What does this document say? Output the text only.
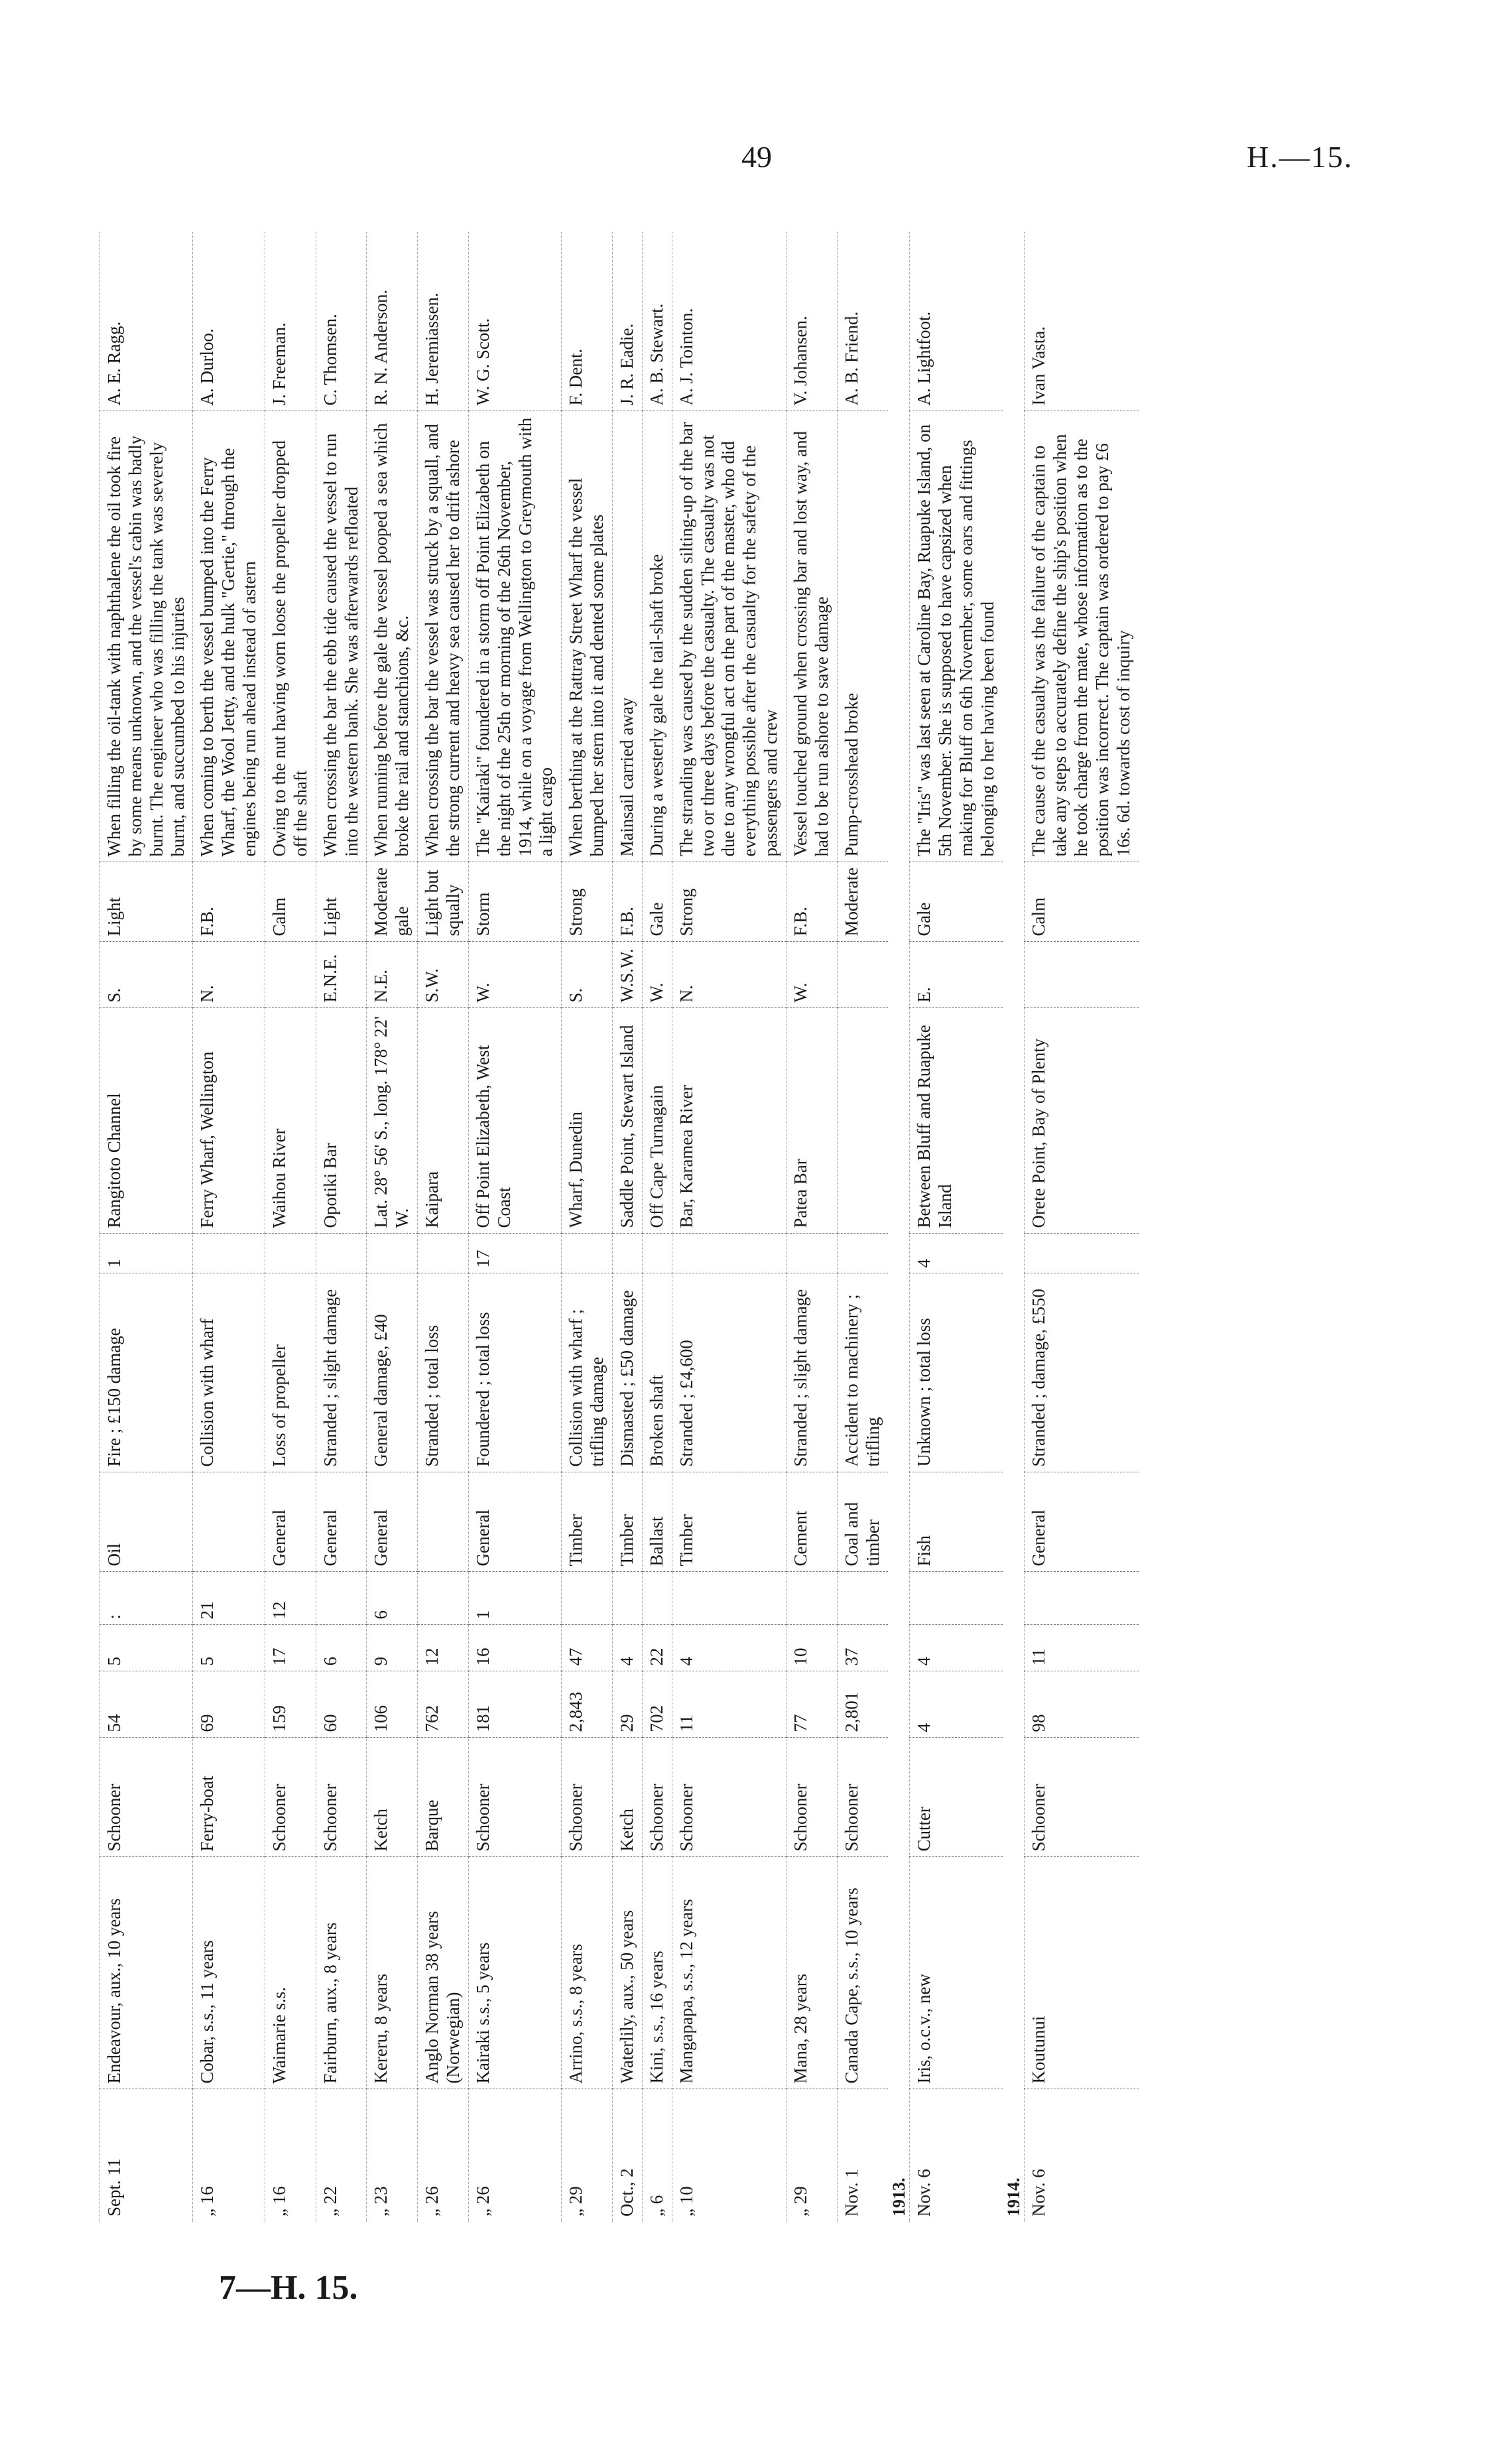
49	H.—15.
Sept. 11	Endeavour, aux., 10 years	Schooner	54	5	:	Oil	Fire ; £150 damage	1	Rangitoto Channel	S.	Light	When filling the oil-tank with naphthalene the oil took fire by some means unknown, and the vessel's cabin was badly burnt. The engineer who was filling the tank was severely burnt, and succumbed to his injuries	A. E. Ragg.
„ 16	Cobar, s.s., 11 years	Ferry-boat	69	5	21		Collision with wharf		Ferry Wharf, Wellington	N.	F.B.	When coming to berth the vessel bumped into the Ferry Wharf, the Wool Jetty, and the hulk "Gertie," through the engines being run ahead instead of astern	A. Durloo.
„ 16	Waimarie s.s.	Schooner	159	17	12	General	Loss of propeller		Waihou River		Calm	Owing to the nut having worn loose the propeller dropped off the shaft	J. Freeman.
„ 22	Fairburn, aux., 8 years	Schooner	60	6		General	Stranded ; slight damage		Opotiki Bar	E.N.E.	Light	When crossing the bar the ebb tide caused the vessel to run into the western bank. She was afterwards refloated	C. Thomsen.
„ 23	Kereru, 8 years	Ketch	106	9	6	General	General damage, £40		Lat. 28° 56' S., long. 178° 22' W.	N.E.	Moderate gale	When running before the gale the vessel pooped a sea which broke the rail and stanchions, &c.	R. N. Anderson.
„ 26	Anglo Norman 38 years (Norwegian)	Barque	762	12			Stranded ; total loss		Kaipara	S.W.	Light but squally	When crossing the bar the vessel was struck by a squall, and the strong current and heavy sea caused her to drift ashore	H. Jeremiassen.
„ 26	Kairaki s.s., 5 years	Schooner	181	16	1	General	Foundered ; total loss	17	Off Point Elizabeth, West Coast	W.	Storm	The "Kairaki" foundered in a storm off Point Elizabeth on the night of the 25th or morning of the 26th November, 1914, while on a voyage from Wellington to Greymouth with a light cargo	W. G. Scott.
„ 29	Arrino, s.s., 8 years	Schooner	2,843	47		Timber	Collision with wharf ; trifling damage		Wharf, Dunedin	S.	Strong	When berthing at the Rattray Street Wharf the vessel bumped her stern into it and dented some plates	F. Dent.
Oct., 2	Waterlily, aux., 50 years	Ketch	29	4		Timber	Dismasted ; £50 damage		Saddle Point, Stewart Island	W.S.W.	F.B.	Mainsail carried away	J. R. Eadie.
„ 6	Kini, s.s., 16 years	Schooner	702	22		Ballast	Broken shaft		Off Cape Turnagain	W.	Gale	During a westerly gale the tail-shaft broke	A. B. Stewart.
„ 10	Mangapapa, s.s., 12 years	Schooner	11	4		Timber	Stranded ; £4,600		Bar, Karamea River	N.	Strong	The stranding was caused by the sudden silting-up of the bar two or three days before the casualty. The casualty was not due to any wrongful act on the part of the master, who did everything possible after the casualty for the safety of the passengers and crew	A. J. Tointon.
„ 29	Mana, 28 years	Schooner	77	10		Cement	Stranded ; slight damage		Patea Bar	W.	F.B.	Vessel touched ground when crossing bar and lost way, and had to be run ashore to save damage	V. Johansen.
Nov. 1	Canada Cape, s.s., 10 years	Schooner	2,801	37		Coal and timber	Accident to machinery ; trifling				Moderate	Pump-crosshead broke	A. B. Friend.
1913.													
Nov. 6	Iris, o.c.v., new	Cutter	4	4		Fish	Unknown ; total loss	4	Between Bluff and Ruapuke Island	E.	Gale	The "Iris" was last seen at Caroline Bay, Ruapuke Island, on 5th November. She is supposed to have capsized when making for Bluff on 6th November, some oars and fittings belonging to her having been found	A. Lightfoot.
1914.													
Nov. 6	Koutunui	Schooner	98	11		General	Stranded ; damage, £550		Orete Point, Bay of Plenty		Calm	The cause of the casualty was the failure of the captain to take any steps to accurately define the ship's position when he took charge from the mate, whose information as to the position was incorrect. The captain was ordered to pay £6 16s. 6d. towards cost of inquiry	Ivan Vasta.
7—H. 15.
